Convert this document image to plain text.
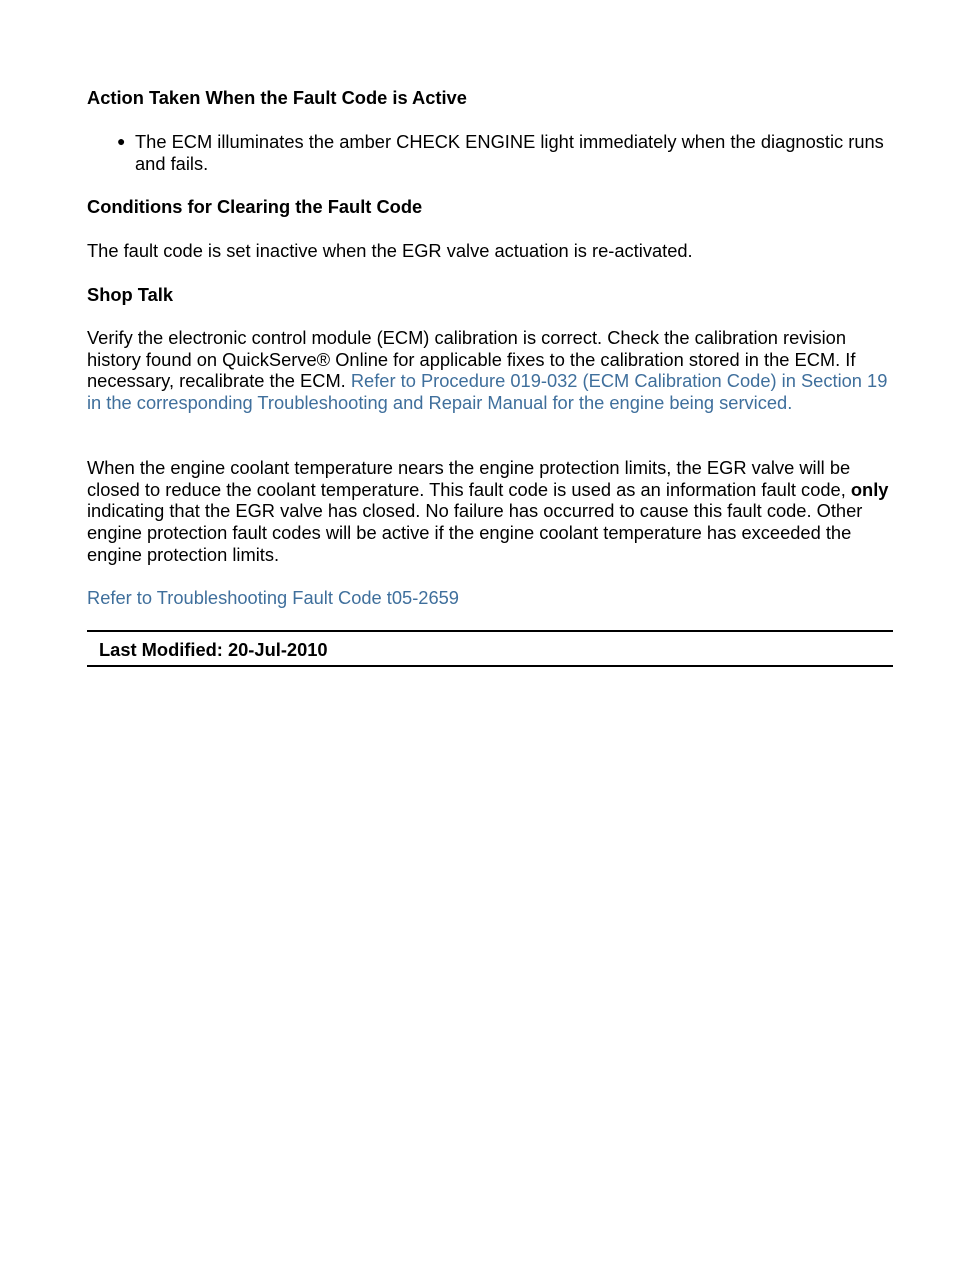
Action Taken When the Fault Code is Active
● The ECM illuminates the amber CHECK ENGINE light immediately when the diagnostic runs and fails.
Conditions for Clearing the Fault Code
The fault code is set inactive when the EGR valve actuation is re-activated.
Shop Talk
Verify the electronic control module (ECM) calibration is correct. Check the calibration revision history found on QuickServe® Online for applicable fixes to the calibration stored in the ECM. If necessary, recalibrate the ECM. Refer to Procedure 019-032 (ECM Calibration Code) in Section 19 in the corresponding Troubleshooting and Repair Manual for the engine being serviced.
When the engine coolant temperature nears the engine protection limits, the EGR valve will be closed to reduce the coolant temperature. This fault code is used as an information fault code, only indicating that the EGR valve has closed. No failure has occurred to cause this fault code. Other engine protection fault codes will be active if the engine coolant temperature has exceeded the engine protection limits.
Refer to Troubleshooting Fault Code t05-2659
Last Modified: 20-Jul-2010
